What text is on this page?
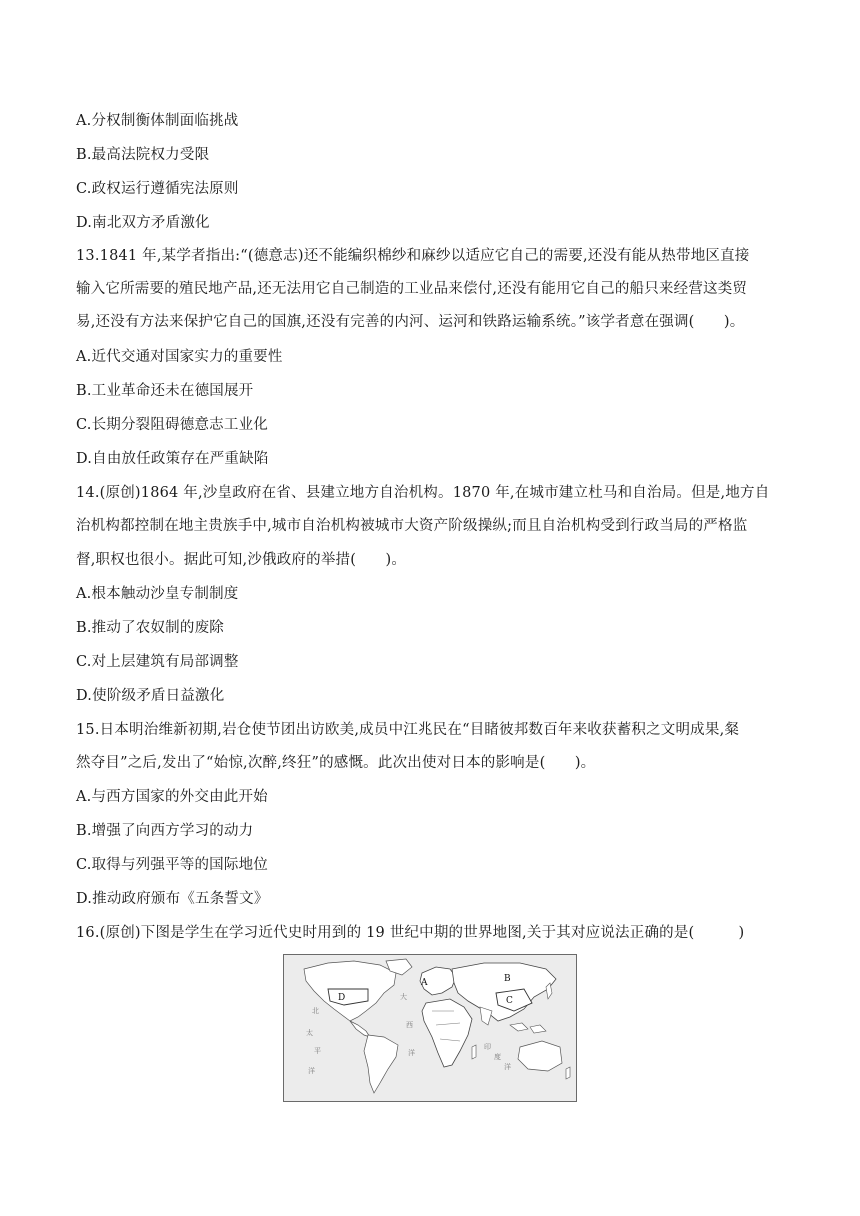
A.分权制衡体制面临挑战
B.最高法院权力受限
C.政权运行遵循宪法原则
D.南北双方矛盾激化
13.1841 年,某学者指出:“(德意志)还不能编织棉纱和麻纱以适应它自己的需要,还没有能从热带地区直接
输入它所需要的殖民地产品,还无法用它自己制造的工业品来偿付,还没有能用它自己的船只来经营这类贸
易,还没有方法来保护它自己的国旗,还没有完善的内河、运河和铁路运输系统。”该学者意在强调(　　)。
A.近代交通对国家实力的重要性
B.工业革命还未在德国展开
C.长期分裂阻碍德意志工业化
D.自由放任政策存在严重缺陷
14.(原创)1864 年,沙皇政府在省、县建立地方自治机构。1870 年,在城市建立杜马和自治局。但是,地方自
治机构都控制在地主贵族手中,城市自治机构被城市大资产阶级操纵;而且自治机构受到行政当局的严格监
督,职权也很小。据此可知,沙俄政府的举措(　　)。
A.根本触动沙皇专制制度
B.推动了农奴制的废除
C.对上层建筑有局部调整
D.使阶级矛盾日益激化
15.日本明治维新初期,岩仓使节团出访欧美,成员中江兆民在“目睹彼邦数百年来收获蓄积之文明成果,粲
然夺目”之后,发出了“始惊,次醉,终狂”的感慨。此次出使对日本的影响是(　　)。
A.与西方国家的外交由此开始
B.增强了向西方学习的动力
C.取得与列强平等的国际地位
D.推动政府颁布《五条誓文》
16.(原创)下图是学生在学习近代史时用到的 19 世纪中期的世界地图,关于其对应说法正确的是(　　　)
北
太
平
洋
大
西
洋
印
度
洋
A	B
C
D
